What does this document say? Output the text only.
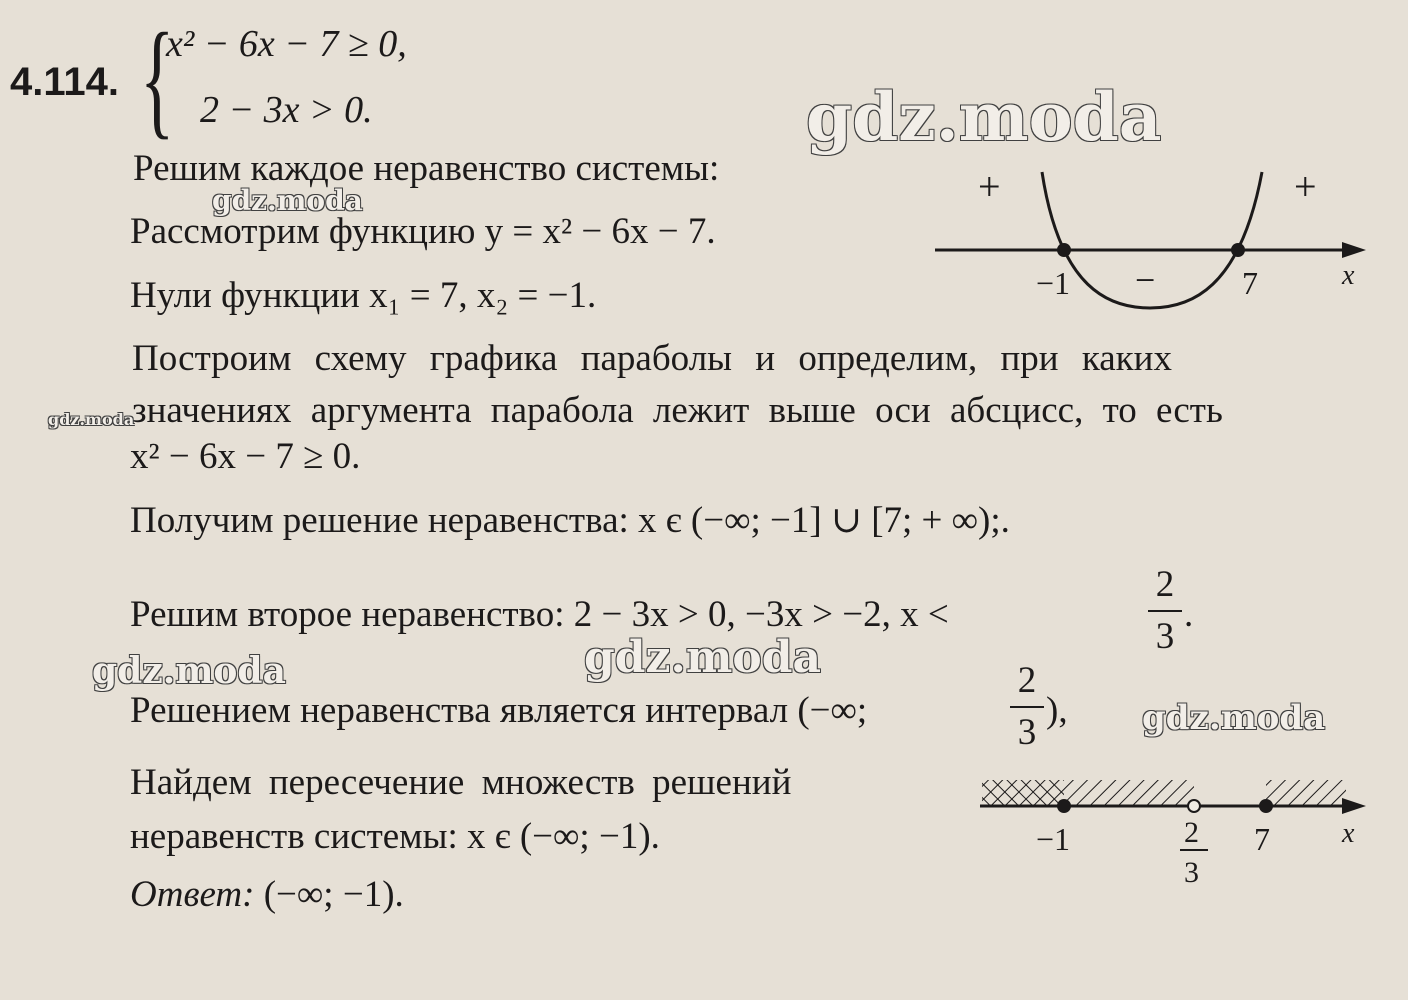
4.114. {
x² − 6x − 7 ≥ 0,
2 − 3x > 0.
Решим каждое неравенство системы:
Рассмотрим функцию y = x² − 6x − 7.
Нули функции x₁ = 7, x₂ = −1.
Построим схему графика параболы и определим, при каких
значениях аргумента парабола лежит выше оси абсцисс, то есть
x² − 6x − 7 ≥ 0.
Получим решение неравенства: x є (−∞; −1] ∪ [7; + ∞);.
Решим второе неравенство: 2 − 3x > 0, −3x > −2, x <
2
3
.
Решением неравенства является интервал (−∞;
2
3
),
Найдем пересечение множеств решений
неравенств системы: x є (−∞; −1).
Ответ: (−∞; −1).
+	+
−
−1	7	x
−1	2
3
7	x
gdz.moda
gdz.moda
gdz.moda
gdz.moda	gdz.moda
gdz.moda
